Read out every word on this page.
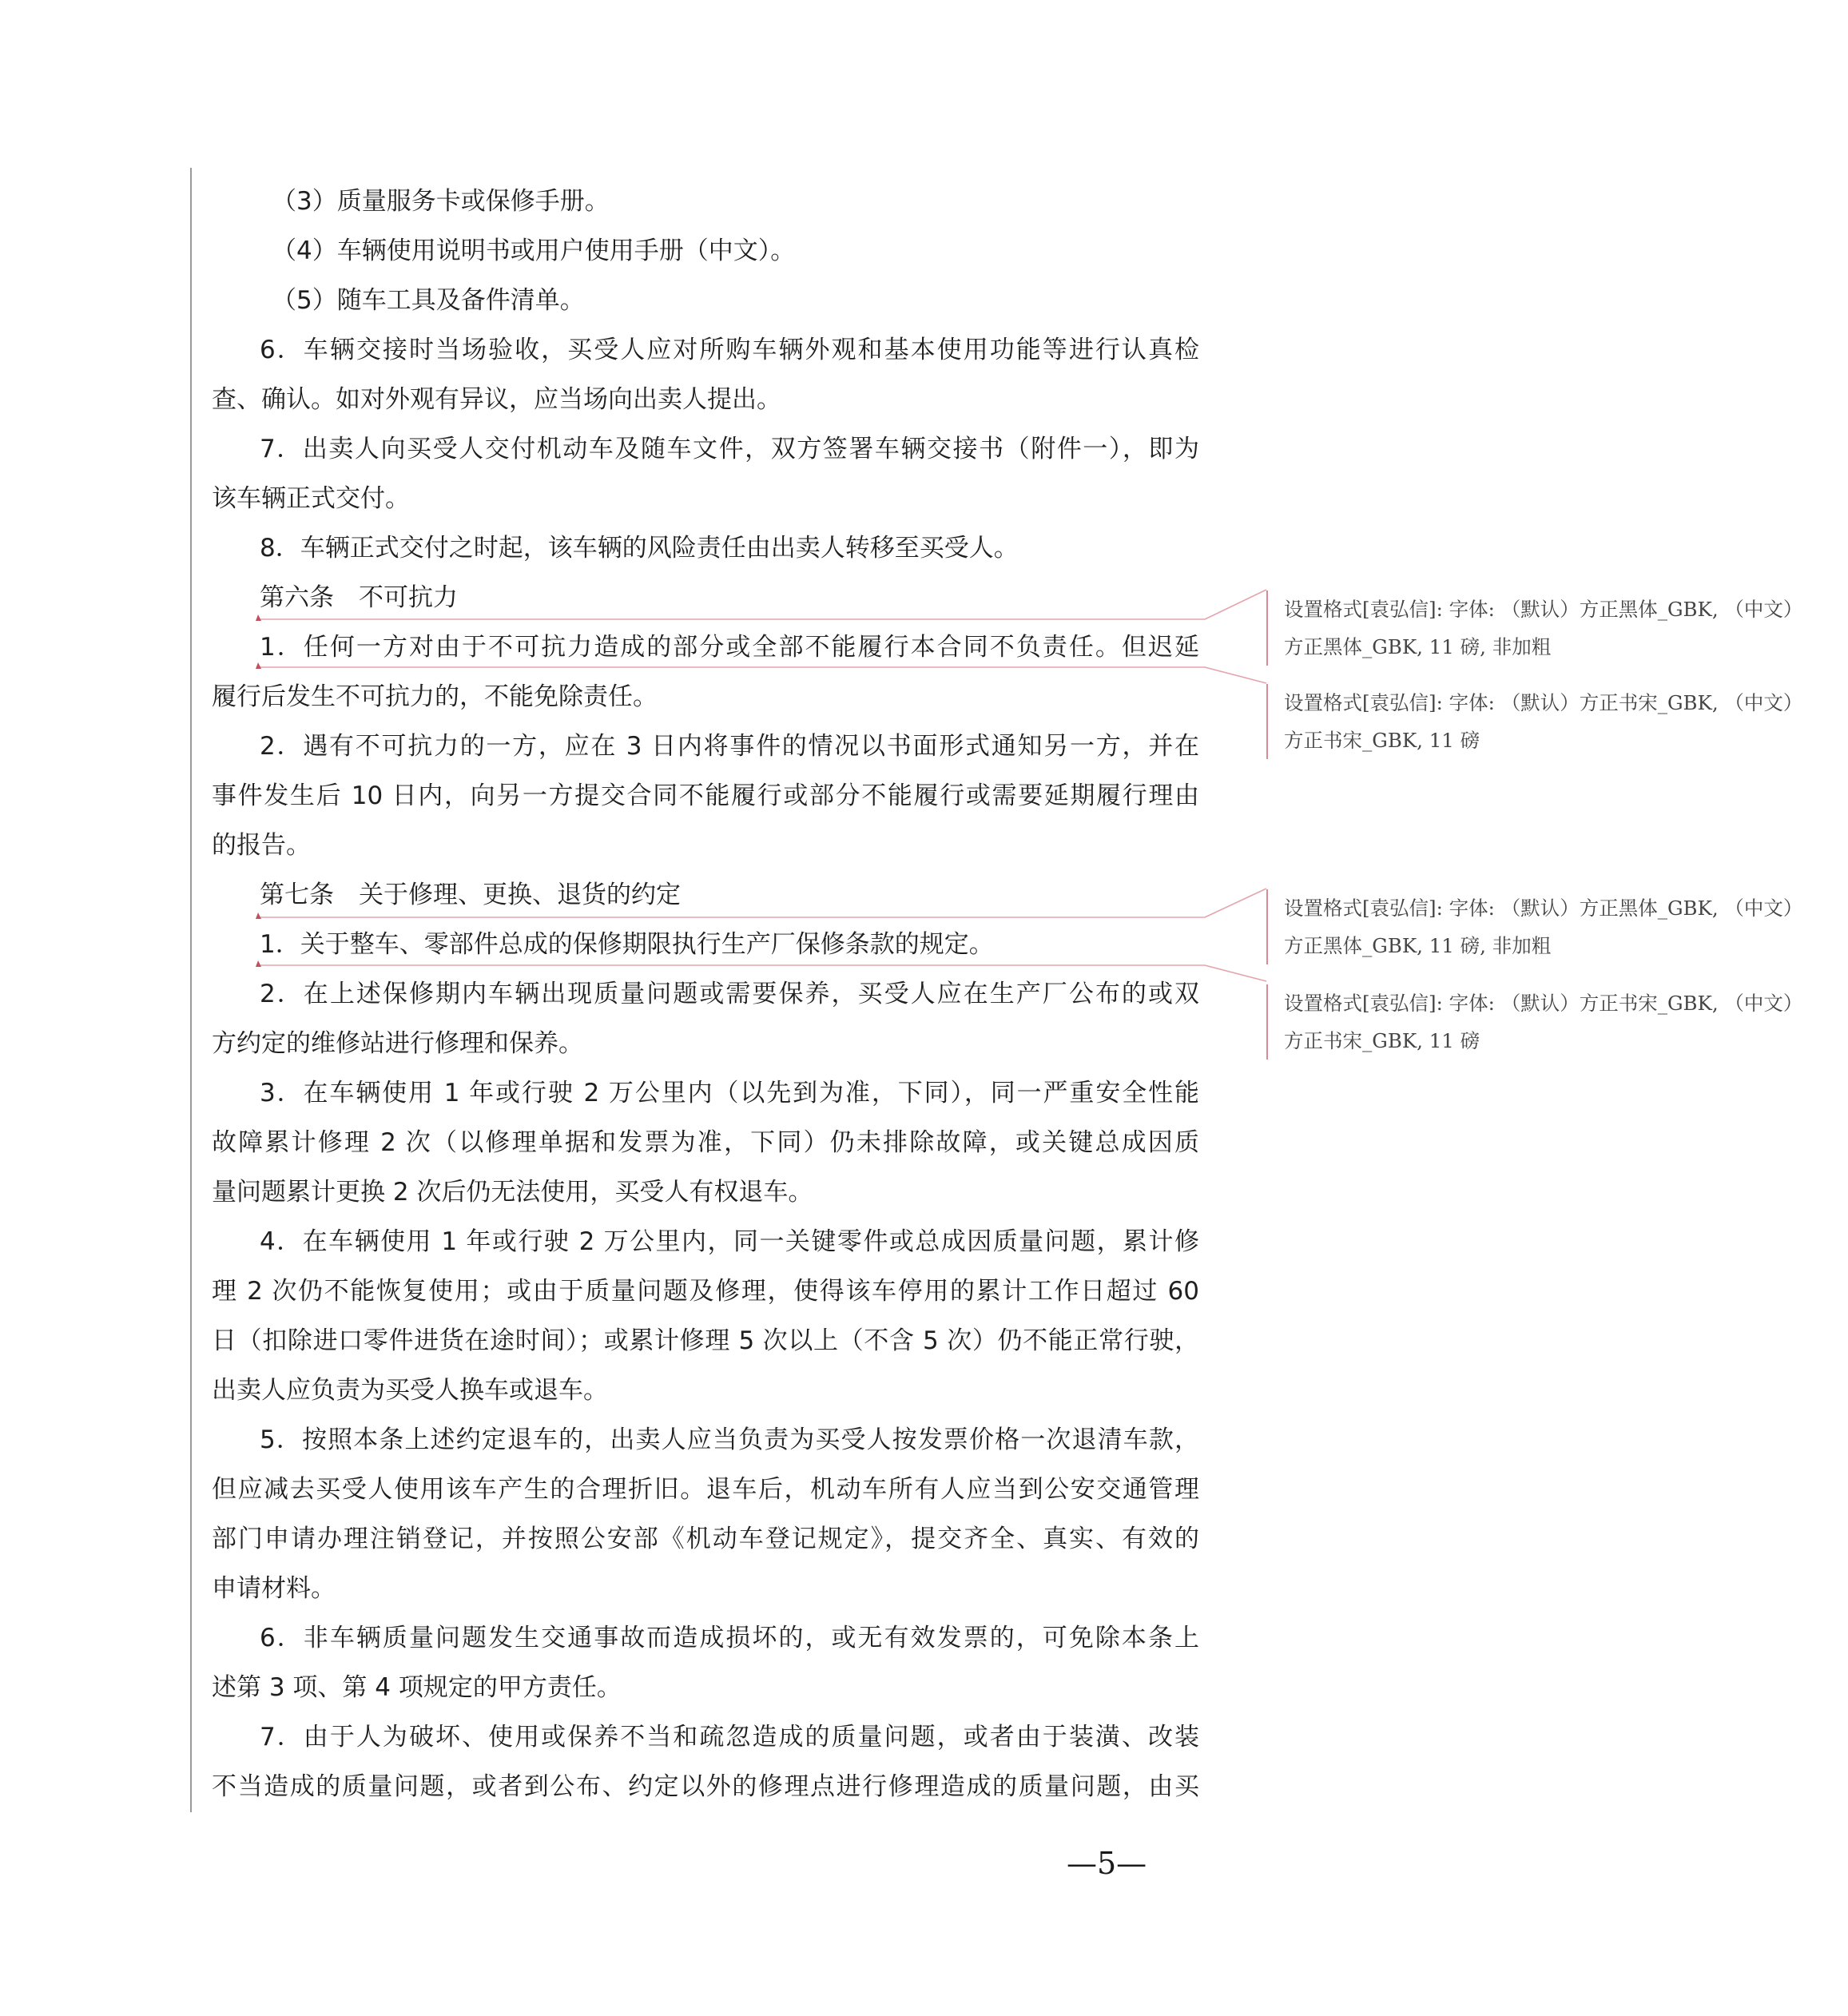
（3）质量服务卡或保修手册。
（4）车辆使用说明书或用户使用手册（中文）。
（5）随车工具及备件清单。
6．车辆交接时当场验收，买受人应对所购车辆外观和基本使用功能等进行认真检
查、确认。如对外观有异议，应当场向出卖人提出。
7．出卖人向买受人交付机动车及随车文件，双方签署车辆交接书（附件一），即为
该车辆正式交付。
8．车辆正式交付之时起，该车辆的风险责任由出卖人转移至买受人。
第六条　不可抗力
1．任何一方对由于不可抗力造成的部分或全部不能履行本合同不负责任。但迟延
履行后发生不可抗力的，不能免除责任。
2．遇有不可抗力的一方，应在 3 日内将事件的情况以书面形式通知另一方，并在
事件发生后 10 日内，向另一方提交合同不能履行或部分不能履行或需要延期履行理由
的报告。
第七条　关于修理、更换、退货的约定
1．关于整车、零部件总成的保修期限执行生产厂保修条款的规定。
2．在上述保修期内车辆出现质量问题或需要保养，买受人应在生产厂公布的或双
方约定的维修站进行修理和保养。
3．在车辆使用 1 年或行驶 2 万公里内（以先到为准，下同），同一严重安全性能
故障累计修理 2 次（以修理单据和发票为准，下同）仍未排除故障，或关键总成因质
量问题累计更换 2 次后仍无法使用，买受人有权退车。
4．在车辆使用 1 年或行驶 2 万公里内，同一关键零件或总成因质量问题，累计修
理 2 次仍不能恢复使用；或由于质量问题及修理，使得该车停用的累计工作日超过 60
日（扣除进口零件进货在途时间）；或累计修理 5 次以上（不含 5 次）仍不能正常行驶，
出卖人应负责为买受人换车或退车。
5．按照本条上述约定退车的，出卖人应当负责为买受人按发票价格一次退清车款，
但应减去买受人使用该车产生的合理折旧。退车后，机动车所有人应当到公安交通管理
部门申请办理注销登记，并按照公安部《机动车登记规定》，提交齐全、真实、有效的
申请材料。
6．非车辆质量问题发生交通事故而造成损坏的，或无有效发票的，可免除本条上
述第 3 项、第 4 项规定的甲方责任。
7．由于人为破坏、使用或保养不当和疏忽造成的质量问题，或者由于装潢、改装
不当造成的质量问题，或者到公布、约定以外的修理点进行修理造成的质量问题，由买
设置格式[袁弘信]: 字体: （默认）方正黑体_GBK, （中文）
方正黑体_GBK, 11 磅, 非加粗
设置格式[袁弘信]: 字体: （默认）方正书宋_GBK, （中文）
方正书宋_GBK, 11 磅
设置格式[袁弘信]: 字体: （默认）方正黑体_GBK, （中文）
方正黑体_GBK, 11 磅, 非加粗
设置格式[袁弘信]: 字体: （默认）方正书宋_GBK, （中文）
方正书宋_GBK, 11 磅
—5—
